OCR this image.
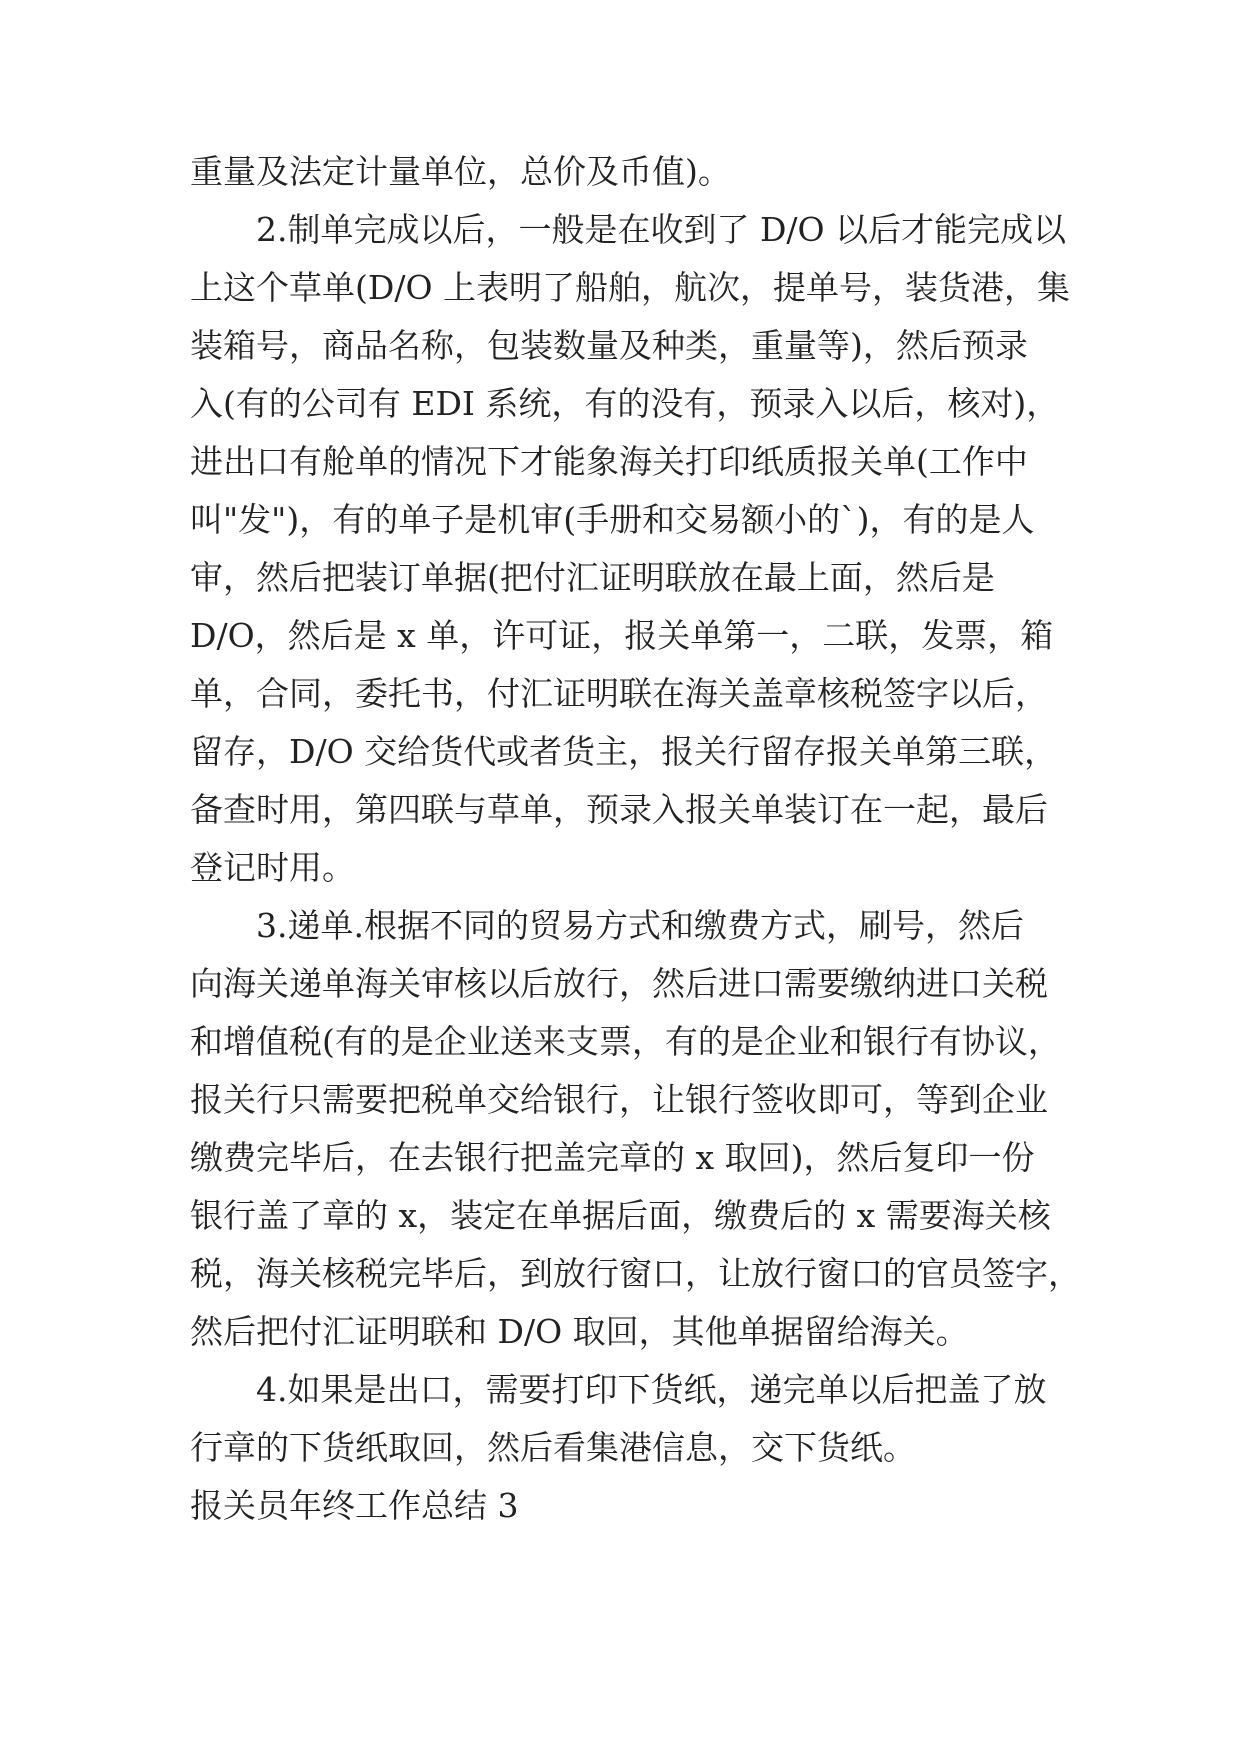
重量及法定计量单位，总价及币值)。
2.制单完成以后，一般是在收到了 D/O 以后才能完成以
上这个草单(D/O 上表明了船舶，航次，提单号，装货港，集
装箱号，商品名称，包装数量及种类，重量等)，然后预录
入(有的公司有 EDI 系统，有的没有，预录入以后，核对)，
进出口有舱单的情况下才能象海关打印纸质报关单(工作中
叫"发")，有的单子是机审(手册和交易额小的`)，有的是人
审，然后把装订单据(把付汇证明联放在最上面，然后是
D/O，然后是 x 单，许可证，报关单第一，二联，发票，箱
单，合同，委托书，付汇证明联在海关盖章核税签字以后，
留存，D/O 交给货代或者货主，报关行留存报关单第三联，
备查时用，第四联与草单，预录入报关单装订在一起，最后
登记时用。
3.递单.根据不同的贸易方式和缴费方式，刷号，然后
向海关递单海关审核以后放行，然后进口需要缴纳进口关税
和增值税(有的是企业送来支票，有的是企业和银行有协议，
报关行只需要把税单交给银行，让银行签收即可，等到企业
缴费完毕后，在去银行把盖完章的 x 取回)，然后复印一份
银行盖了章的 x，装定在单据后面，缴费后的 x 需要海关核
税，海关核税完毕后，到放行窗口，让放行窗口的官员签字，
然后把付汇证明联和 D/O 取回，其他单据留给海关。
4.如果是出口，需要打印下货纸，递完单以后把盖了放
行章的下货纸取回，然后看集港信息，交下货纸。
报关员年终工作总结 3
